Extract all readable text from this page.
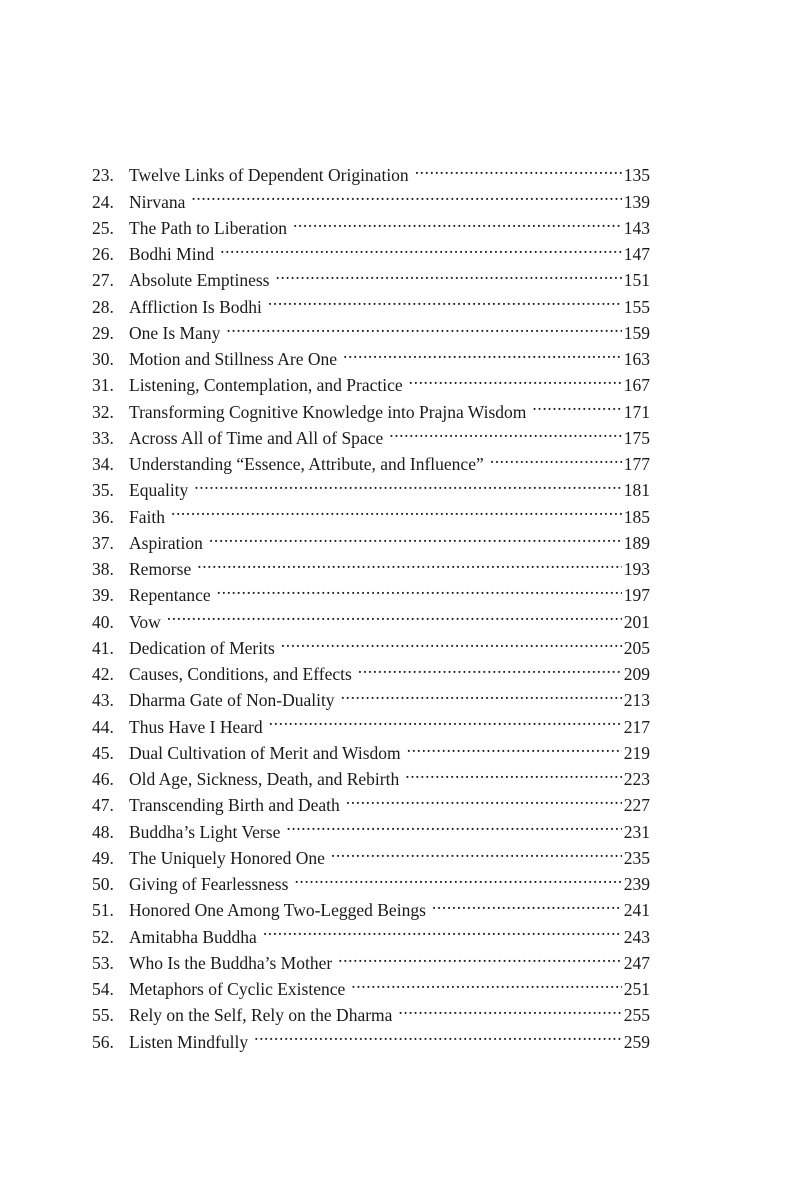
23. Twelve Links of Dependent Origination .....	135
24. Nirvana .....	139
25. The Path to Liberation .....	143
26. Bodhi Mind .....	147
27. Absolute Emptiness .....	151
28. Affliction Is Bodhi .....	155
29. One Is Many .....	159
30. Motion and Stillness Are One .....	163
31. Listening, Contemplation, and Practice .....	167
32. Transforming Cognitive Knowledge into Prajna Wisdom .....	171
33. Across All of Time and All of Space .....	175
34. Understanding “Essence, Attribute, and Influence” .....	177
35. Equality .....	181
36. Faith .....	185
37. Aspiration .....	189
38. Remorse .....	193
39. Repentance .....	197
40. Vow .....	201
41. Dedication of Merits .....	205
42. Causes, Conditions, and Effects .....	209
43. Dharma Gate of Non-Duality .....	213
44. Thus Have I Heard .....	217
45. Dual Cultivation of Merit and Wisdom .....	219
46. Old Age, Sickness, Death, and Rebirth .....	223
47. Transcending Birth and Death .....	227
48. Buddha’s Light Verse .....	231
49. The Uniquely Honored One .....	235
50. Giving of Fearlessness .....	239
51. Honored One Among Two-Legged Beings .....	241
52. Amitabha Buddha .....	243
53. Who Is the Buddha’s Mother .....	247
54. Metaphors of Cyclic Existence .....	251
55. Rely on the Self, Rely on the Dharma .....	255
56. Listen Mindfully .....	259
